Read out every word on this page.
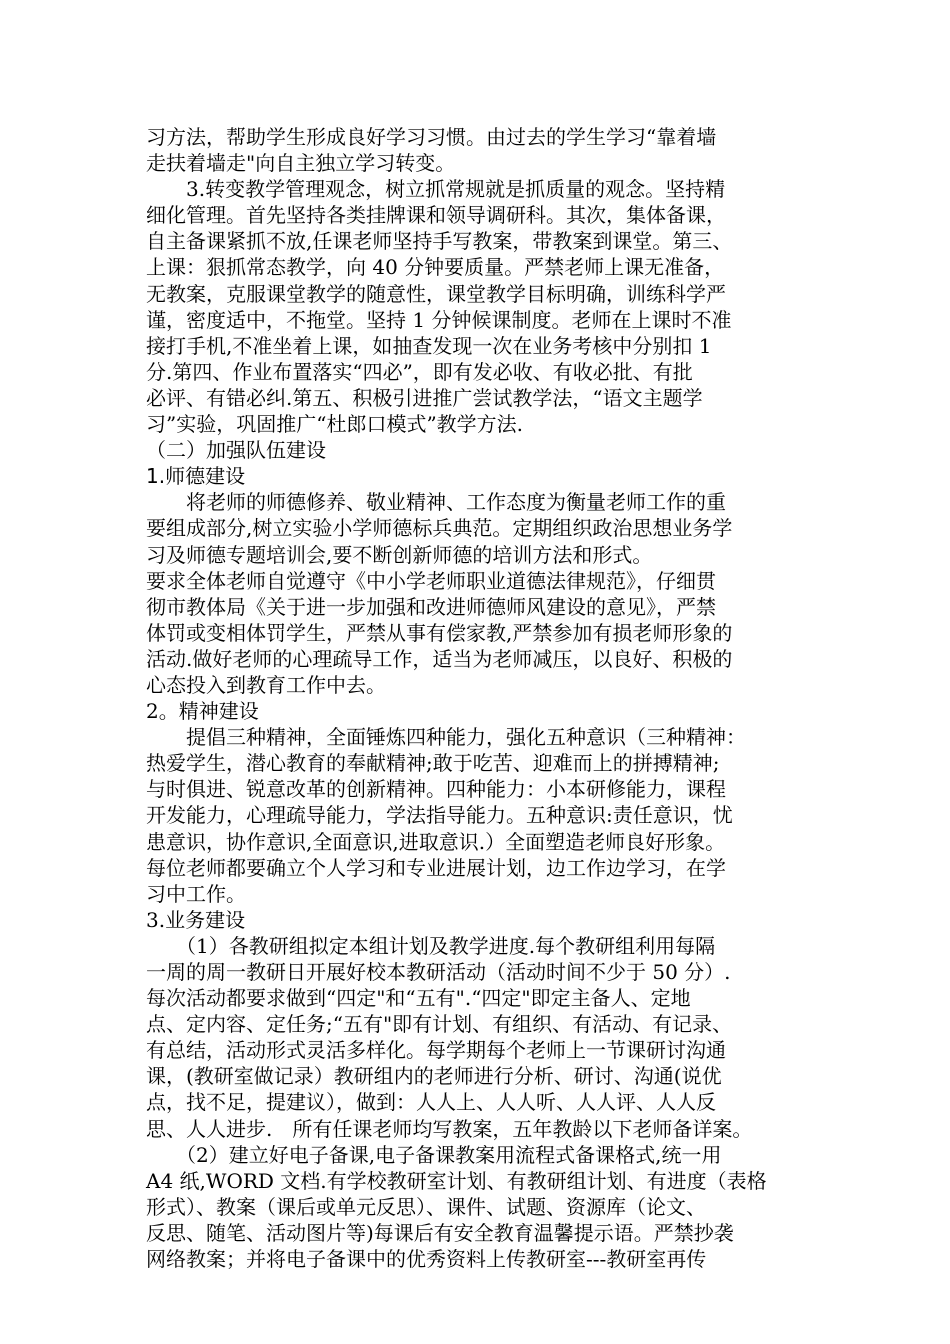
习方法，帮助学生形成良好学习习惯。由过去的学生学习“靠着墙
走扶着墙走"向自主独立学习转变。
　　3.转变教学管理观念，树立抓常规就是抓质量的观念。坚持精
细化管理。首先坚持各类挂牌课和领导调研科。其次，集体备课，
自主备课紧抓不放,任课老师坚持手写教案，带教案到课堂。第三、
上课：狠抓常态教学，向 40 分钟要质量。严禁老师上课无准备，
无教案，克服课堂教学的随意性，课堂教学目标明确，训练科学严
谨，密度适中，不拖堂。坚持 1 分钟候课制度。老师在上课时不准
接打手机,不准坐着上课，如抽查发现一次在业务考核中分别扣 1
分.第四、作业布置落实“四必”，即有发必收、有收必批、有批
必评、有错必纠.第五、积极引进推广尝试教学法，“语文主题学
习”实验，巩固推广“杜郎口模式”教学方法.
（二）加强队伍建设
1.师德建设
　　将老师的师德修养、敬业精神、工作态度为衡量老师工作的重
要组成部分,树立实验小学师德标兵典范。定期组织政治思想业务学
习及师德专题培训会,要不断创新师德的培训方法和形式。
要求全体老师自觉遵守《中小学老师职业道德法律规范》，仔细贯
彻市教体局《关于进一步加强和改进师德师风建设的意见》，严禁
体罚或变相体罚学生，严禁从事有偿家教,严禁参加有损老师形象的
活动.做好老师的心理疏导工作，适当为老师减压，以良好、积极的
心态投入到教育工作中去。
2。精神建设
　　提倡三种精神，全面锤炼四种能力，强化五种意识（三种精神：
热爱学生，潜心教育的奉献精神;敢于吃苦、迎难而上的拼搏精神;
与时俱进、锐意改革的创新精神。四种能力：小本研修能力，课程
开发能力，心理疏导能力，学法指导能力。五种意识:责任意识，忧
患意识，协作意识,全面意识,进取意识.）全面塑造老师良好形象。
每位老师都要确立个人学习和专业进展计划，边工作边学习，在学
习中工作。
3.业务建设
　　（1）各教研组拟定本组计划及教学进度.每个教研组利用每隔
一周的周一教研日开展好校本教研活动（活动时间不少于 50 分）.
每次活动都要求做到“四定"和“五有".“四定"即定主备人、定地
点、定内容、定任务;“五有"即有计划、有组织、有活动、有记录、
有总结，活动形式灵活多样化。每学期每个老师上一节课研讨沟通
课，(教研室做记录）教研组内的老师进行分析、研讨、沟通(说优
点，找不足，提建议），做到：人人上、人人听、人人评、人人反
思、人人进步.　所有任课老师均写教案，五年教龄以下老师备详案。
　　（2）建立好电子备课,电子备课教案用流程式备课格式,统一用
A4 纸,WORD 文档.有学校教研室计划、有教研组计划、有进度（表格
形式）、教案（课后或单元反思）、课件、试题、资源库（论文、
反思、随笔、活动图片等)每课后有安全教育温馨提示语。严禁抄袭
网络教案；并将电子备课中的优秀资料上传教研室---教研室再传
